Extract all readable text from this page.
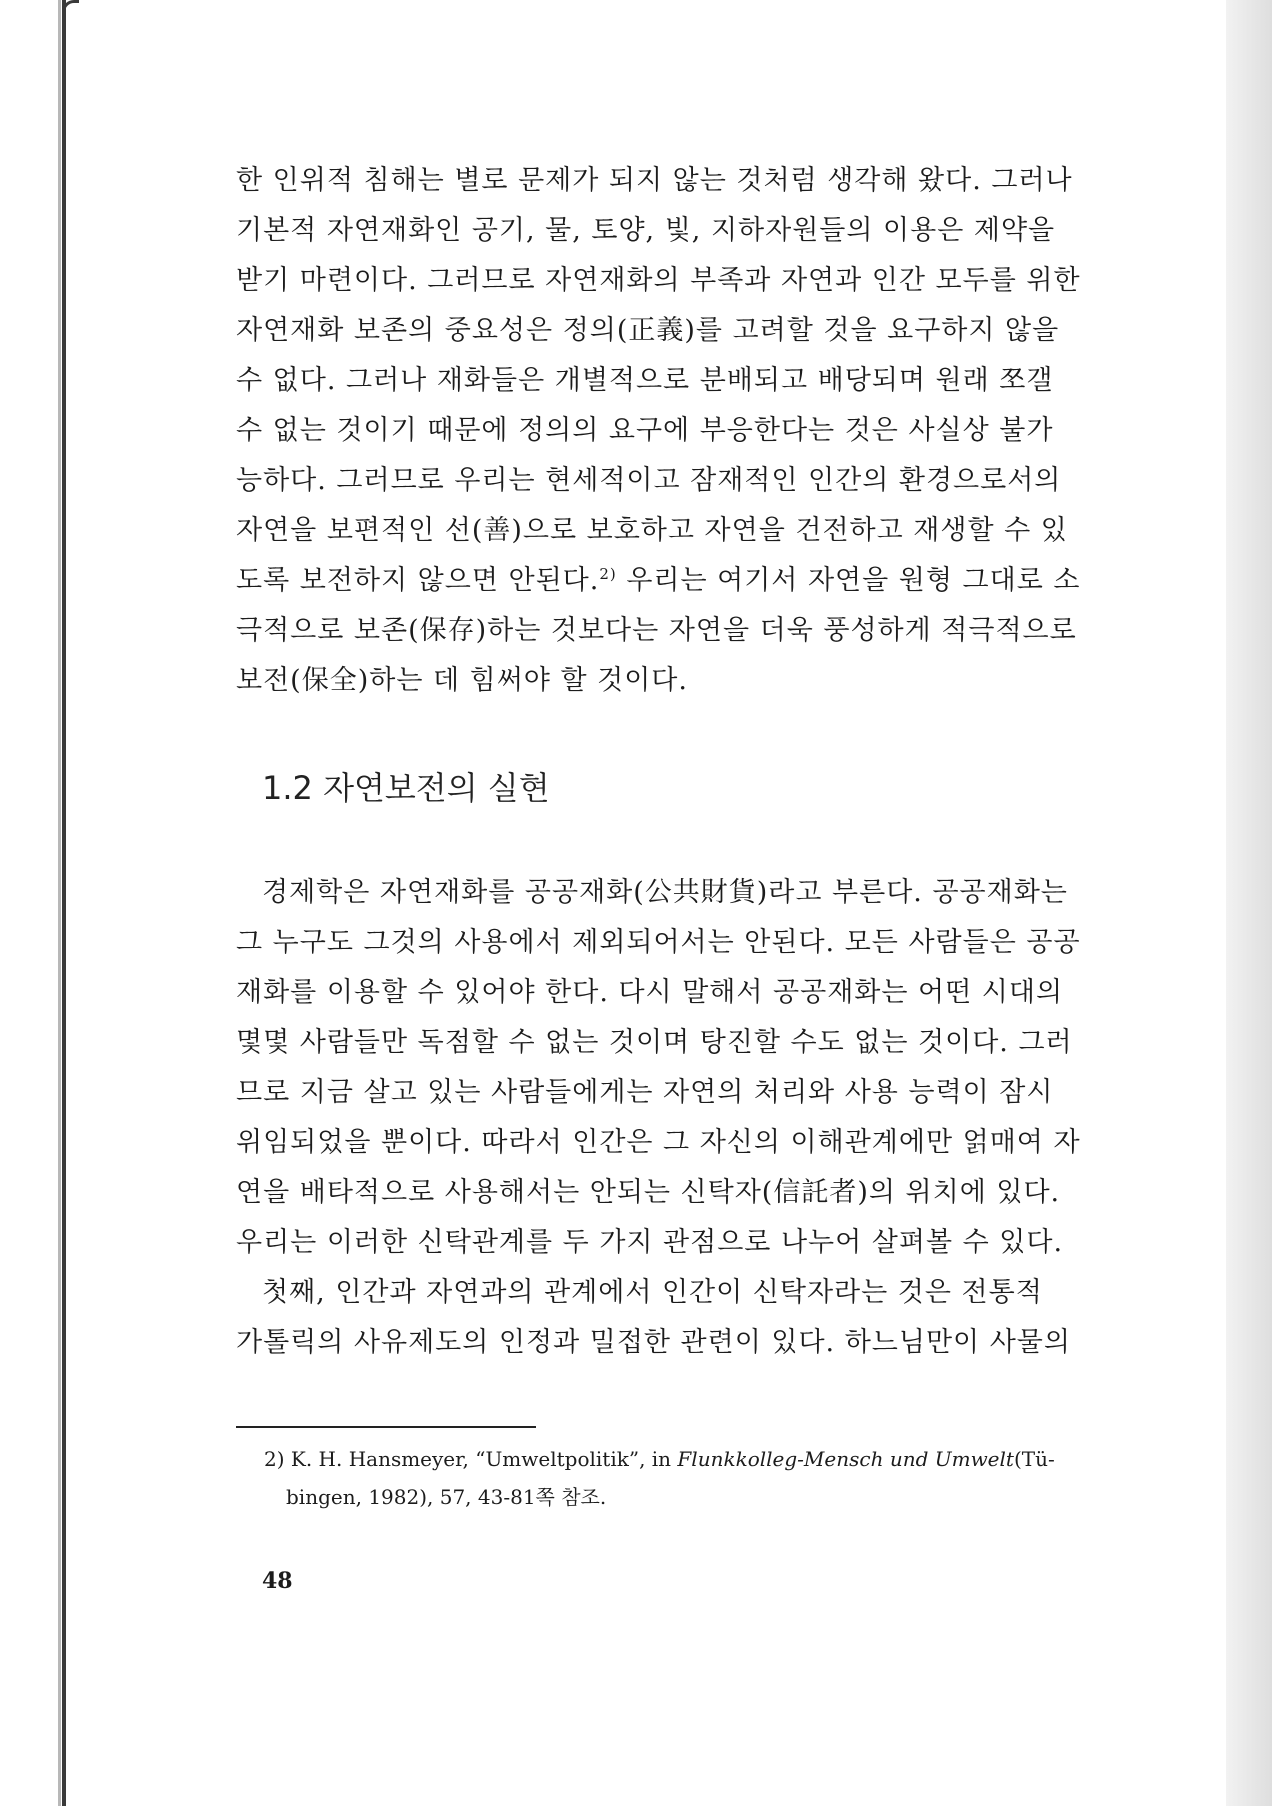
한 인위적 침해는 별로 문제가 되지 않는 것처럼 생각해 왔다. 그러나

기본적 자연재화인 공기, 물, 토양, 빛, 지하자원들의 이용은 제약을

받기 마련이다. 그러므로 자연재화의 부족과 자연과 인간 모두를 위한

자연재화 보존의 중요성은 정의(正義)를 고려할 것을 요구하지 않을

수 없다. 그러나 재화들은 개별적으로 분배되고 배당되며 원래 쪼갤

수 없는 것이기 때문에 정의의 요구에 부응한다는 것은 사실상 불가

능하다. 그러므로 우리는 현세적이고 잠재적인 인간의 환경으로서의

자연을 보편적인 선(善)으로 보호하고 자연을 건전하고 재생할 수 있

도록 보전하지 않으면 안된다.$^{2)}$ 우리는 여기서 자연을 원형 그대로 소

극적으로 보존(保存)하는 것보다는 자연을 더욱 풍성하게 적극적으로

보전(保全)하는 데 힘써야 할 것이다.

1.2 자연보전의 실현

경제학은 자연재화를 공공재화(公共財貨)라고 부른다. 공공재화는

그 누구도 그것의 사용에서 제외되어서는 안된다. 모든 사람들은 공공

재화를 이용할 수 있어야 한다. 다시 말해서 공공재화는 어떤 시대의

몇몇 사람들만 독점할 수 없는 것이며 탕진할 수도 없는 것이다. 그러

므로 지금 살고 있는 사람들에게는 자연의 처리와 사용 능력이 잠시

위임되었을 뿐이다. 따라서 인간은 그 자신의 이해관계에만 얽매여 자

연을 배타적으로 사용해서는 안되는 신탁자(信託者)의 위치에 있다.

우리는 이러한 신탁관계를 두 가지 관점으로 나누어 살펴볼 수 있다.

첫째, 인간과 자연과의 관계에서 인간이 신탁자라는 것은 전통적

가톨릭의 사유제도의 인정과 밀접한 관련이 있다. 하느님만이 사물의

2) K. H. Hansmeyer, “Umweltpolitik”, in Flunkkolleg-Mensch und Umwelt(Tü-
bingen, 1982), 57, 43-81쪽 참조.
48
